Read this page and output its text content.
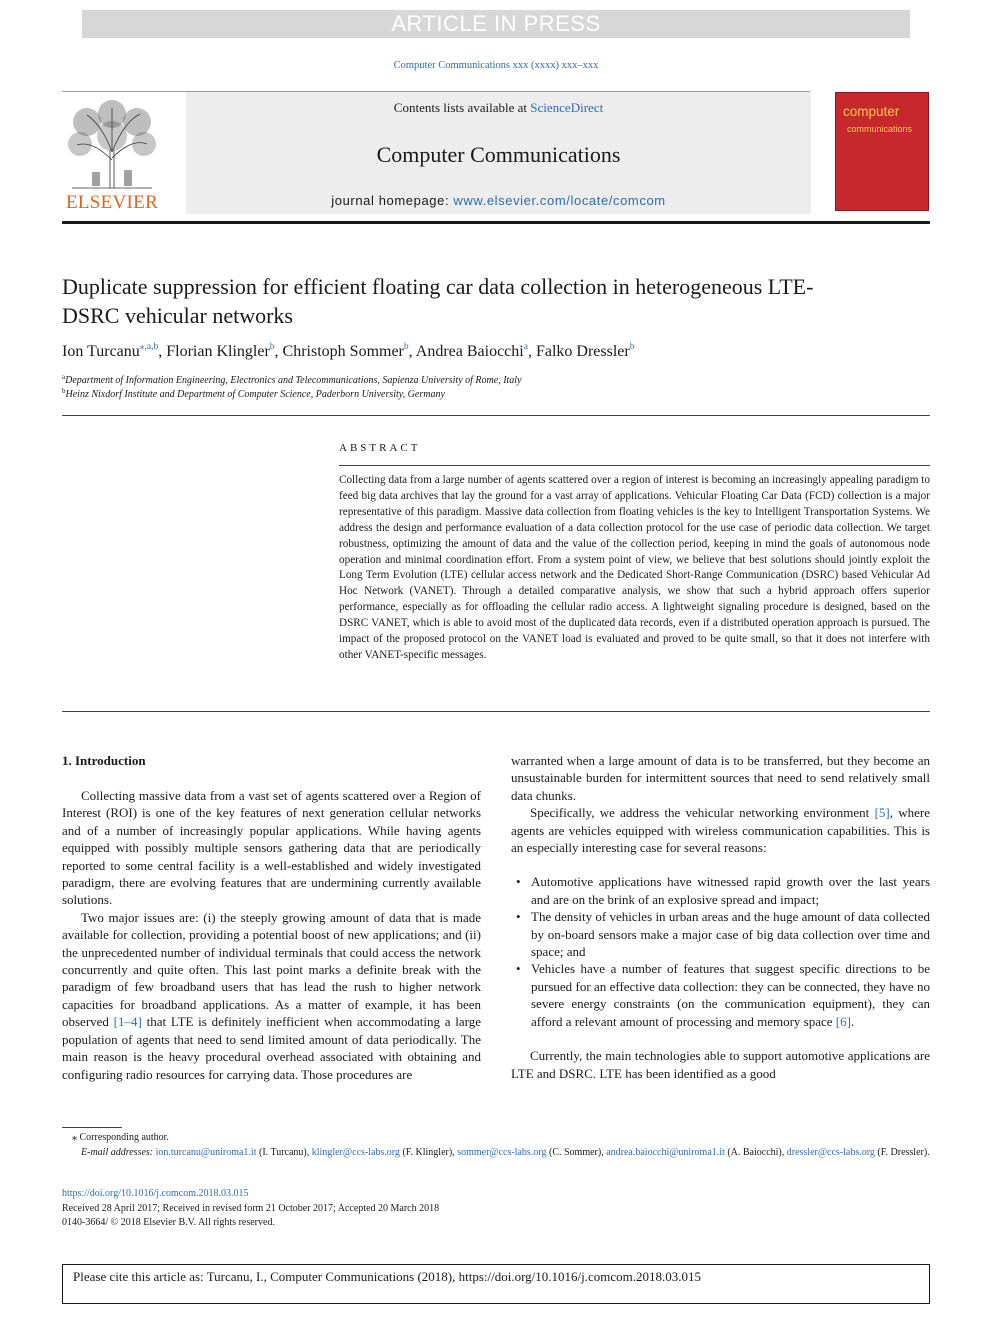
ARTICLE IN PRESS
Computer Communications xxx (xxxx) xxx–xxx
ELSEVIER
Contents lists available at ScienceDirect
Computer Communications
journal homepage: www.elsevier.com/locate/comcom
computer
communications
Duplicate suppression for efficient floating car data collection in heterogeneous LTE-DSRC vehicular networks
Ion Turcanu$^{⁎,a,b}$, Florian Klingler$^b$, Christoph Sommer$^b$, Andrea Baiocchi$^a$, Falko Dressler$^b$
$^a$Department of Information Engineering, Electronics and Telecommunications, Sapienza University of Rome, Italy
$^b$Heinz Nixdorf Institute and Department of Computer Science, Paderborn University, Germany
ABSTRACT
Collecting data from a large number of agents scattered over a region of interest is becoming an increasingly appealing paradigm to feed big data archives that lay the ground for a vast array of applications. Vehicular Floating Car Data (FCD) collection is a major representative of this paradigm. Massive data collection from floating vehicles is the key to Intelligent Transportation Systems. We address the design and performance evaluation of a data collection protocol for the use case of periodic data collection. We target robustness, optimizing the amount of data and the value of the collection period, keeping in mind the goals of autonomous node operation and minimal coordination effort. From a system point of view, we believe that best solutions should jointly exploit the Long Term Evolution (LTE) cellular access network and the Dedicated Short-Range Communication (DSRC) based Vehicular Ad Hoc Network (VANET). Through a detailed comparative analysis, we show that such a hybrid approach offers superior performance, especially as for offloading the cellular radio access. A lightweight signaling procedure is designed, based on the DSRC VANET, which is able to avoid most of the duplicated data records, even if a distributed operation approach is pursued. The impact of the proposed protocol on the VANET load is evaluated and proved to be quite small, so that it does not interfere with other VANET-specific messages.
1. Introduction

Collecting massive data from a vast set of agents scattered over a Region of Interest (ROI) is one of the key features of next generation cellular networks and of a number of increasingly popular applications. While having agents equipped with possibly multiple sensors gathering data that are periodically reported to some central facility is a well-established and widely investigated paradigm, there are evolving features that are undermining currently available solutions.

Two major issues are: (i) the steeply growing amount of data that is made available for collection, providing a potential boost of new applications; and (ii) the unprecedented number of individual terminals that could access the network concurrently and quite often. This last point marks a definite break with the paradigm of few broadband users that has lead the rush to higher network capacities for broadband applications. As a matter of example, it has been observed [1–4] that LTE is definitely inefficient when accommodating a large population of agents that need to send limited amount of data periodically. The main reason is the heavy procedural overhead associated with obtaining and configuring radio resources for carrying data. Those procedures are

warranted when a large amount of data is to be transferred, but they become an unsustainable burden for intermittent sources that need to send relatively small data chunks.

Specifically, we address the vehicular networking environment [5], where agents are vehicles equipped with wireless communication capabilities. This is an especially interesting case for several reasons:

• Automotive applications have witnessed rapid growth over the last years and are on the brink of an explosive spread and impact;
• The density of vehicles in urban areas and the huge amount of data collected by on-board sensors make a major case of big data collection over time and space; and
• Vehicles have a number of features that suggest specific directions to be pursued for an effective data collection: they can be connected, they have no severe energy constraints (on the communication equipment), they can afford a relevant amount of processing and memory space [6].

Currently, the main technologies able to support automotive applications are LTE and DSRC. LTE has been identified as a good

⁎ Corresponding author.
E-mail addresses: ion.turcanu@uniroma1.it (I. Turcanu), klingler@ccs-labs.org (F. Klingler), sommer@ccs-labs.org (C. Sommer), andrea.baiocchi@uniroma1.it (A. Baiocchi), dressler@ccs-labs.org (F. Dressler).
https://doi.org/10.1016/j.comcom.2018.03.015
Received 28 April 2017; Received in revised form 21 October 2017; Accepted 20 March 2018
0140-3664/ © 2018 Elsevier B.V. All rights reserved.
Please cite this article as: Turcanu, I., Computer Communications (2018), https://doi.org/10.1016/j.comcom.2018.03.015
